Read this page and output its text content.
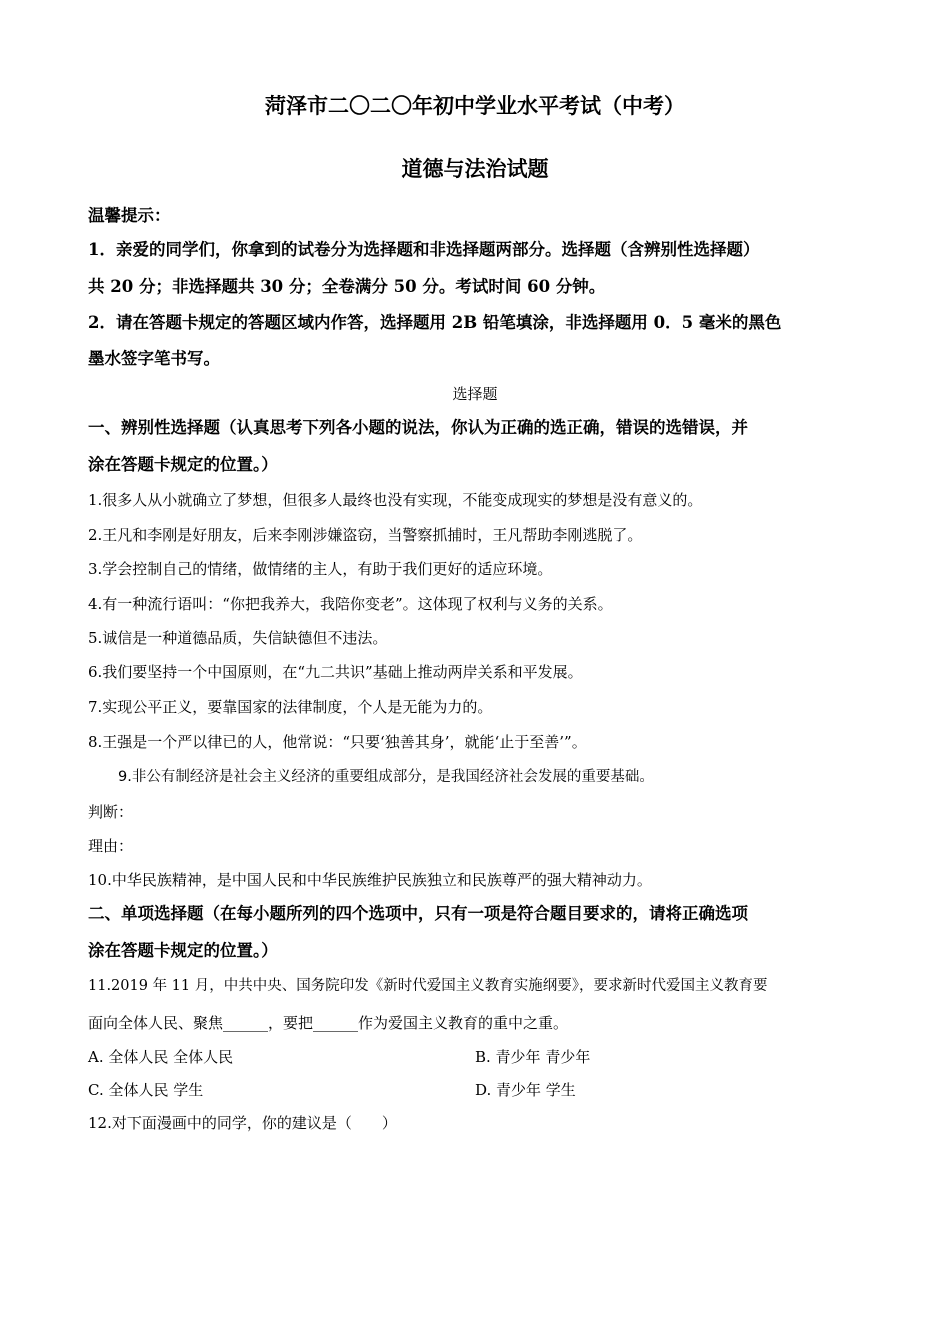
菏泽市二〇二〇年初中学业水平考试（中考）
道德与法治试题
温馨提示：
1．亲爱的同学们，你拿到的试卷分为选择题和非选择题两部分。选择题（含辨别性选择题）
共 20 分；非选择题共 30 分；全卷满分 50 分。考试时间 60 分钟。
2．请在答题卡规定的答题区域内作答，选择题用 2B 铅笔填涂，非选择题用 0．5 毫米的黑色
墨水签字笔书写。
选择题
一、辨别性选择题（认真思考下列各小题的说法，你认为正确的选正确，错误的选错误，并
涂在答题卡规定的位置。）
1.很多人从小就确立了梦想，但很多人最终也没有实现，不能变成现实的梦想是没有意义的。
2.王凡和李刚是好朋友，后来李刚涉嫌盗窃，当警察抓捕时，王凡帮助李刚逃脱了。
3.学会控制自己的情绪，做情绪的主人，有助于我们更好的适应环境。
4.有一种流行语叫：“你把我养大，我陪你变老”。这体现了权利与义务的关系。
5.诚信是一种道德品质，失信缺德但不违法。
6.我们要坚持一个中国原则，在“九二共识”基础上推动两岸关系和平发展。
7.实现公平正义，要靠国家的法律制度，个人是无能为力的。
8.王强是一个严以律已的人，他常说：“只要‘独善其身’，就能‘止于至善’”。
9.非公有制经济是社会主义经济的重要组成部分，是我国经济社会发展的重要基础。
判断：
理由：
10.中华民族精神，是中国人民和中华民族维护民族独立和民族尊严的强大精神动力。
二、单项选择题（在每小题所列的四个选项中，只有一项是符合题目要求的，请将正确选项
涂在答题卡规定的位置。）
11.2019 年 11 月，中共中央、国务院印发《新时代爱国主义教育实施纲要》，要求新时代爱国主义教育要
面向全体人民、聚焦______，要把______作为爱国主义教育的重中之重。
A. 全体人民 全体人民	B. 青少年 青少年
C. 全体人民 学生	D. 青少年 学生
12.对下面漫画中的同学，你的建议是（　　）
